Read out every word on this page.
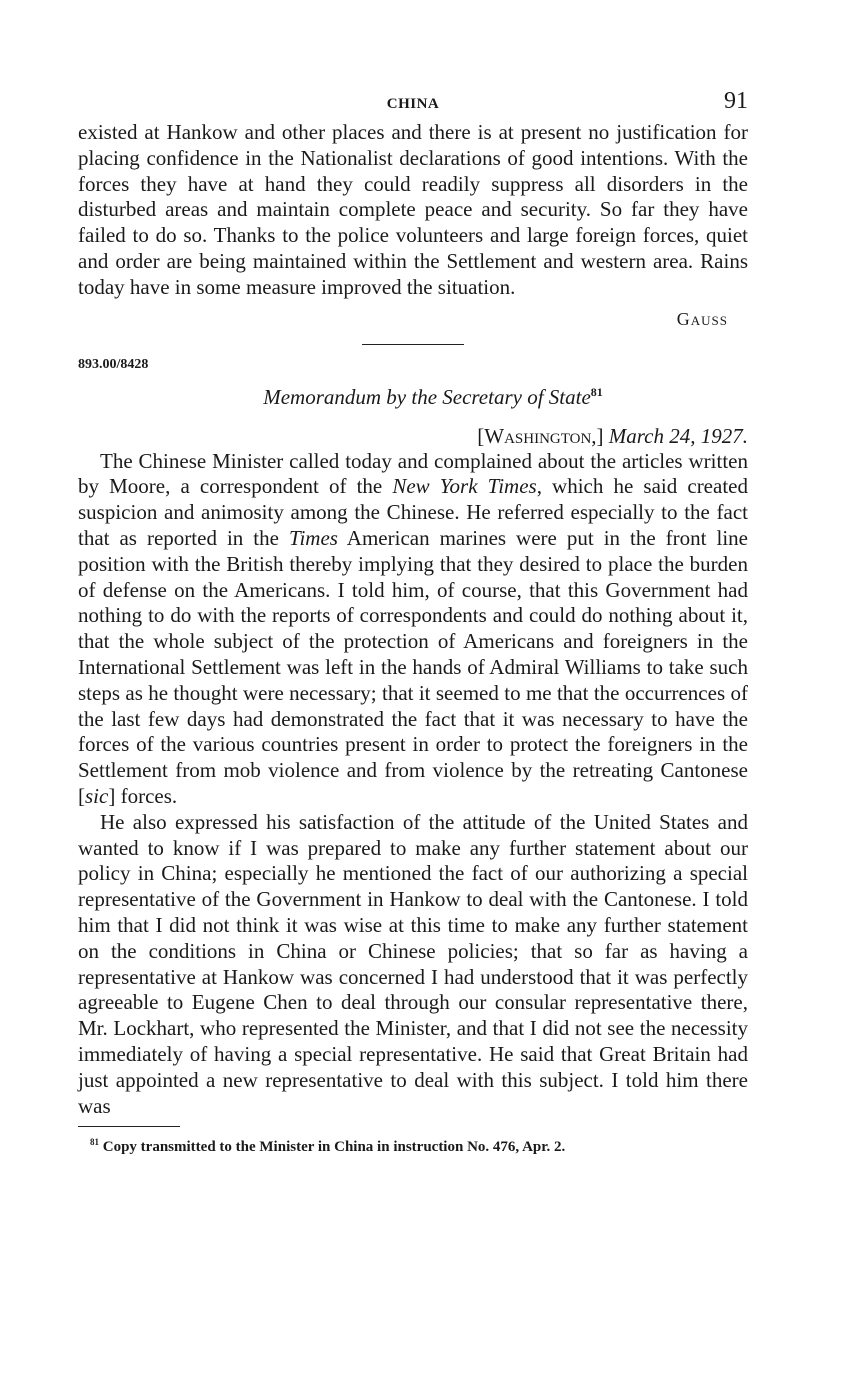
CHINA	91

existed at Hankow and other places and there is at present no justification for placing confidence in the Nationalist declarations of good intentions. With the forces they have at hand they could readily suppress all disorders in the disturbed areas and maintain complete peace and security. So far they have failed to do so. Thanks to the police volunteers and large foreign forces, quiet and order are being maintained within the Settlement and western area. Rains today have in some measure improved the situation.

Gauss
893.00/8428
Memorandum by the Secretary of State$^{81}$
[Washington,] March 24, 1927.

The Chinese Minister called today and complained about the articles written by Moore, a correspondent of the New York Times, which he said created suspicion and animosity among the Chinese. He referred especially to the fact that as reported in the Times American marines were put in the front line position with the British thereby implying that they desired to place the burden of defense on the Americans. I told him, of course, that this Government had nothing to do with the reports of correspondents and could do nothing about it, that the whole subject of the protection of Americans and foreigners in the International Settlement was left in the hands of Admiral Williams to take such steps as he thought were necessary; that it seemed to me that the occurrences of the last few days had demonstrated the fact that it was necessary to have the forces of the various countries present in order to protect the foreigners in the Settlement from mob violence and from violence by the retreating Cantonese [sic] forces.

He also expressed his satisfaction of the attitude of the United States and wanted to know if I was prepared to make any further statement about our policy in China; especially he mentioned the fact of our authorizing a special representative of the Government in Hankow to deal with the Cantonese. I told him that I did not think it was wise at this time to make any further statement on the conditions in China or Chinese policies; that so far as having a representative at Hankow was concerned I had understood that it was perfectly agreeable to Eugene Chen to deal through our consular representative there, Mr. Lockhart, who represented the Minister, and that I did not see the necessity immediately of having a special representative. He said that Great Britain had just appointed a new representative to deal with this subject. I told him there was

$^{81}$ Copy transmitted to the Minister in China in instruction No. 476, Apr. 2.
